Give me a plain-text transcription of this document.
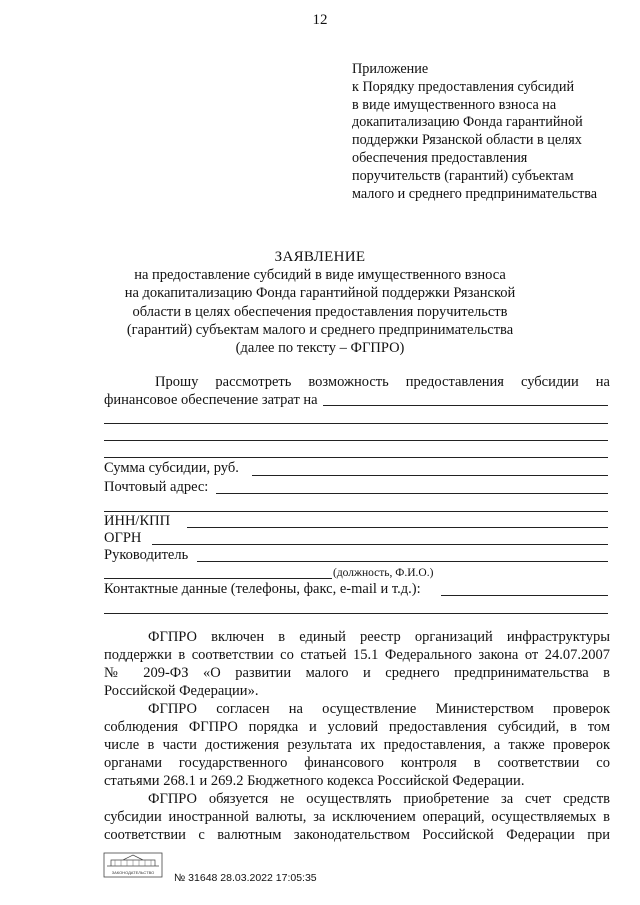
12
Приложение
к Порядку предоставления субсидий
в виде имущественного взноса на
докапитализацию Фонда гарантийной
поддержки Рязанской области в целях
обеспечения предоставления
поручительств (гарантий) субъектам
малого и среднего предпринимательства
ЗАЯВЛЕНИЕ
на предоставление субсидий в виде имущественного взноса
на докапитализацию Фонда гарантийной поддержки Рязанской
области в целях обеспечения предоставления поручительств
(гарантий) субъектам малого и среднего предпринимательства
(далее по тексту – ФГПРО)
Прошу рассмотреть возможность предоставления субсидии на
финансовое обеспечение затрат на
Сумма субсидии, руб.
Почтовый адрес:
ИНН/КПП
ОГРН
Руководитель
(должность, Ф.И.О.)
Контактные данные (телефоны, факс, e-mail и т.д.):
ФГПРО включен в единый реестр организаций инфраструктуры
поддержки в соответствии со статьей 15.1 Федерального закона от 24.07.2007
№ 209-ФЗ «О развитии малого и среднего предпринимательства в
Российской Федерации».
ФГПРО согласен на осуществление Министерством проверок
соблюдения ФГПРО порядка и условий предоставления субсидий, в том
числе в части достижения результата их предоставления, а также проверок
органами государственного финансового контроля в соответствии со
статьями 268.1 и 269.2 Бюджетного кодекса Российской Федерации.
ФГПРО обязуется не осуществлять приобретение за счет средств
субсидии иностранной валюты, за исключением операций, осуществляемых в
соответствии с валютным законодательством Российской Федерации при
ЗАКОНОДАТЕЛЬСТВО № 31648 28.03.2022 17:05:35
